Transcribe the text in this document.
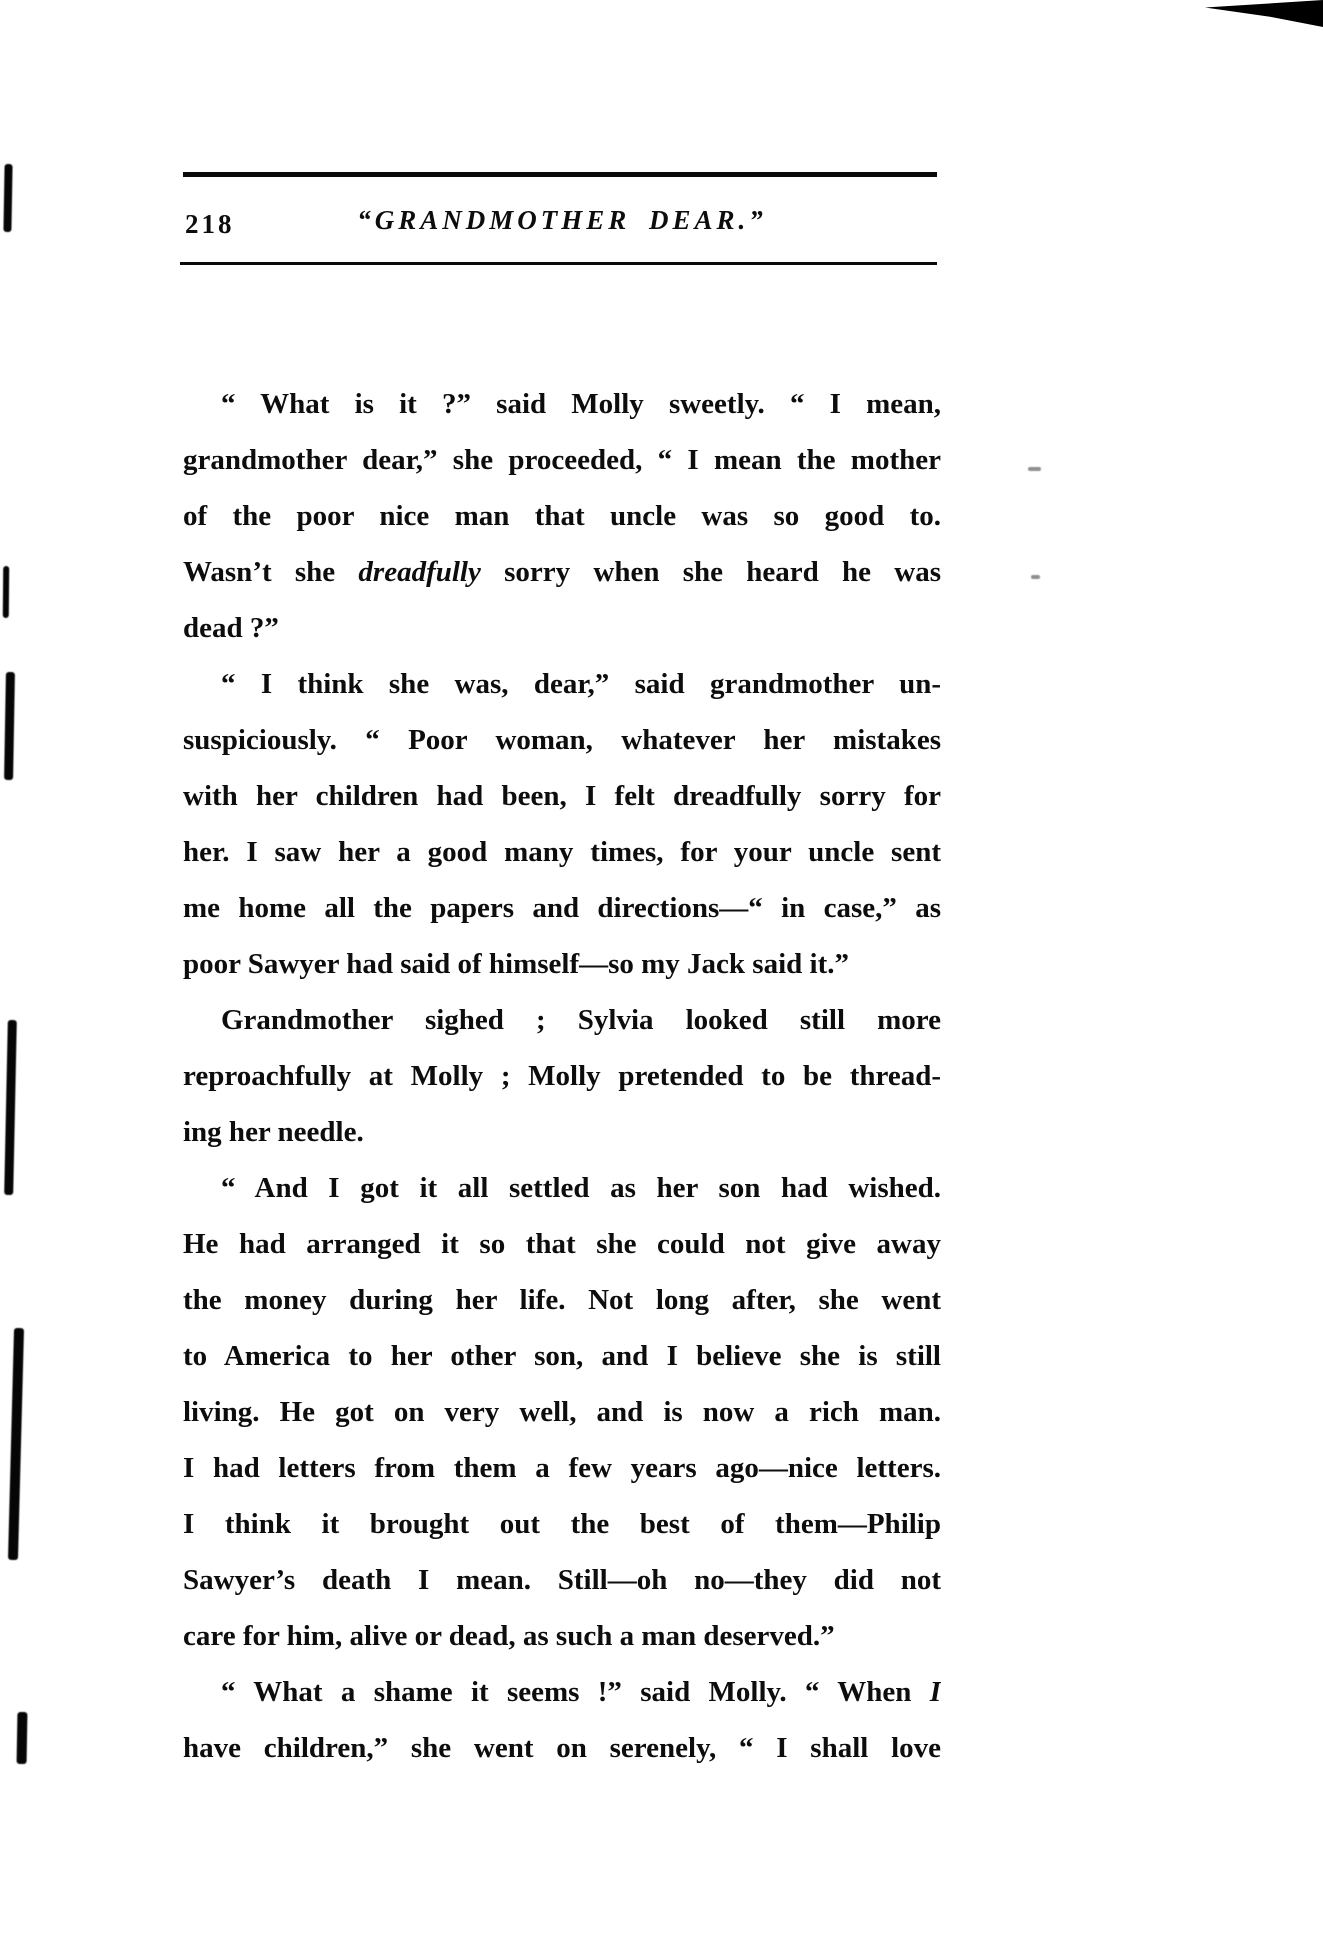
218	“GRANDMOTHER DEAR.”
“ What is it ?” said Molly sweetly. “ I mean,
grandmother dear,” she proceeded, “ I mean the mother
of the poor nice man that uncle was so good to.
Wasn’t she dreadfully sorry when she heard he was
dead ?”
“ I think she was, dear,” said grandmother un-
suspiciously. “ Poor woman, whatever her mistakes
with her children had been, I felt dreadfully sorry for
her. I saw her a good many times, for your uncle sent
me home all the papers and directions—“ in case,” as
poor Sawyer had said of himself—so my Jack said it.”
Grandmother sighed ; Sylvia looked still more
reproachfully at Molly ; Molly pretended to be thread-
ing her needle.
“ And I got it all settled as her son had wished.
He had arranged it so that she could not give away
the money during her life. Not long after, she went
to America to her other son, and I believe she is still
living. He got on very well, and is now a rich man.
I had letters from them a few years ago—nice letters.
I think it brought out the best of them—Philip
Sawyer’s death I mean. Still—oh no—they did not
care for him, alive or dead, as such a man deserved.”
“ What a shame it seems !” said Molly. “ When I
have children,” she went on serenely, “ I shall love
